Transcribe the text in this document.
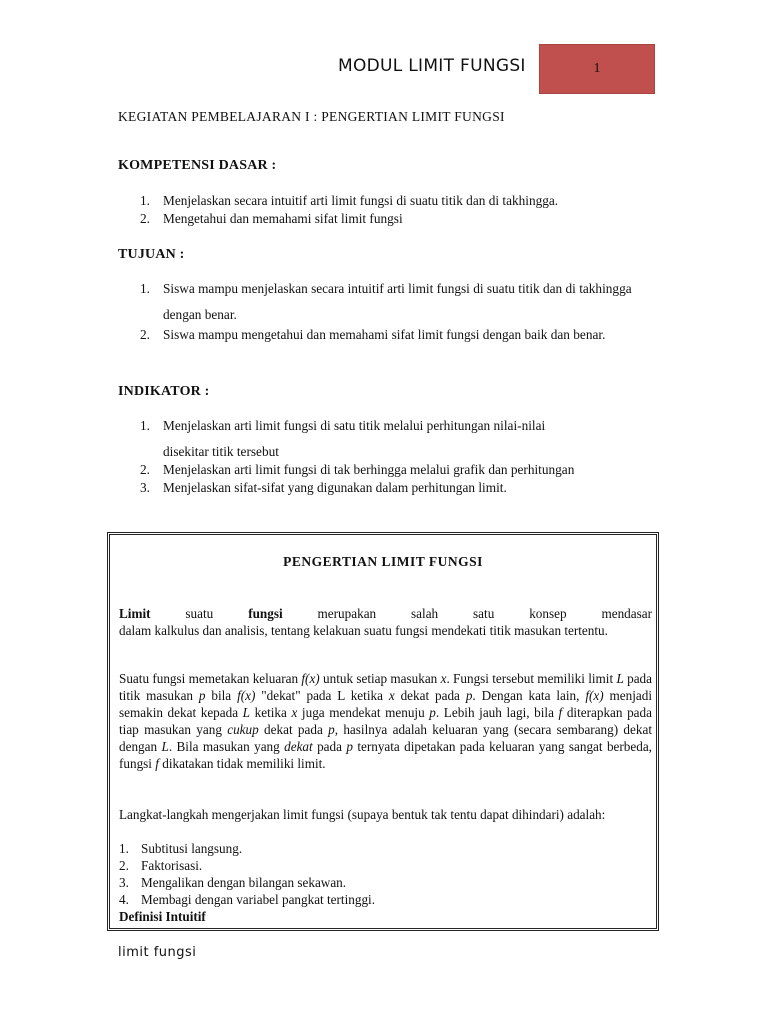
MODUL LIMIT FUNGSI	1
KEGIATAN PEMBELAJARAN I : PENGERTIAN LIMIT FUNGSI
KOMPETENSI DASAR :
1. Menjelaskan secara intuitif arti limit fungsi di suatu titik dan di takhingga.
2. Mengetahui dan memahami sifat limit fungsi
TUJUAN :
1. Siswa mampu menjelaskan secara intuitif arti limit fungsi di suatu titik dan di takhingga dengan benar.
2. Siswa mampu mengetahui dan memahami sifat limit fungsi dengan baik dan benar.
INDIKATOR :
1. Menjelaskan arti limit fungsi di satu titik melalui perhitungan nilai-nilai
disekitar titik tersebut
2. Menjelaskan arti limit fungsi di tak berhingga melalui grafik dan perhitungan
3. Menjelaskan sifat-sifat yang digunakan dalam perhitungan limit.
PENGERTIAN LIMIT FUNGSI
Limit suatu fungsi merupakan salah satu konsep mendasar
dalam kalkulus dan analisis, tentang kelakuan suatu fungsi mendekati titik masukan tertentu.
Suatu fungsi memetakan keluaran f(x) untuk setiap masukan x. Fungsi tersebut memiliki limit L pada titik masukan p bila f(x) "dekat" pada L ketika x dekat pada p. Dengan kata lain, f(x) menjadi semakin dekat kepada L ketika x juga mendekat menuju p. Lebih jauh lagi, bila f diterapkan pada tiap masukan yang cukup dekat pada p, hasilnya adalah keluaran yang (secara sembarang) dekat dengan L. Bila masukan yang dekat pada p ternyata dipetakan pada keluaran yang sangat berbeda, fungsi f dikatakan tidak memiliki limit.
Langkat-langkah mengerjakan limit fungsi (supaya bentuk tak tentu dapat dihindari) adalah:
1. Subtitusi langsung.
2. Faktorisasi.
3. Mengalikan dengan bilangan sekawan.
4. Membagi dengan variabel pangkat tertinggi.
Definisi Intuitif
limit fungsi
